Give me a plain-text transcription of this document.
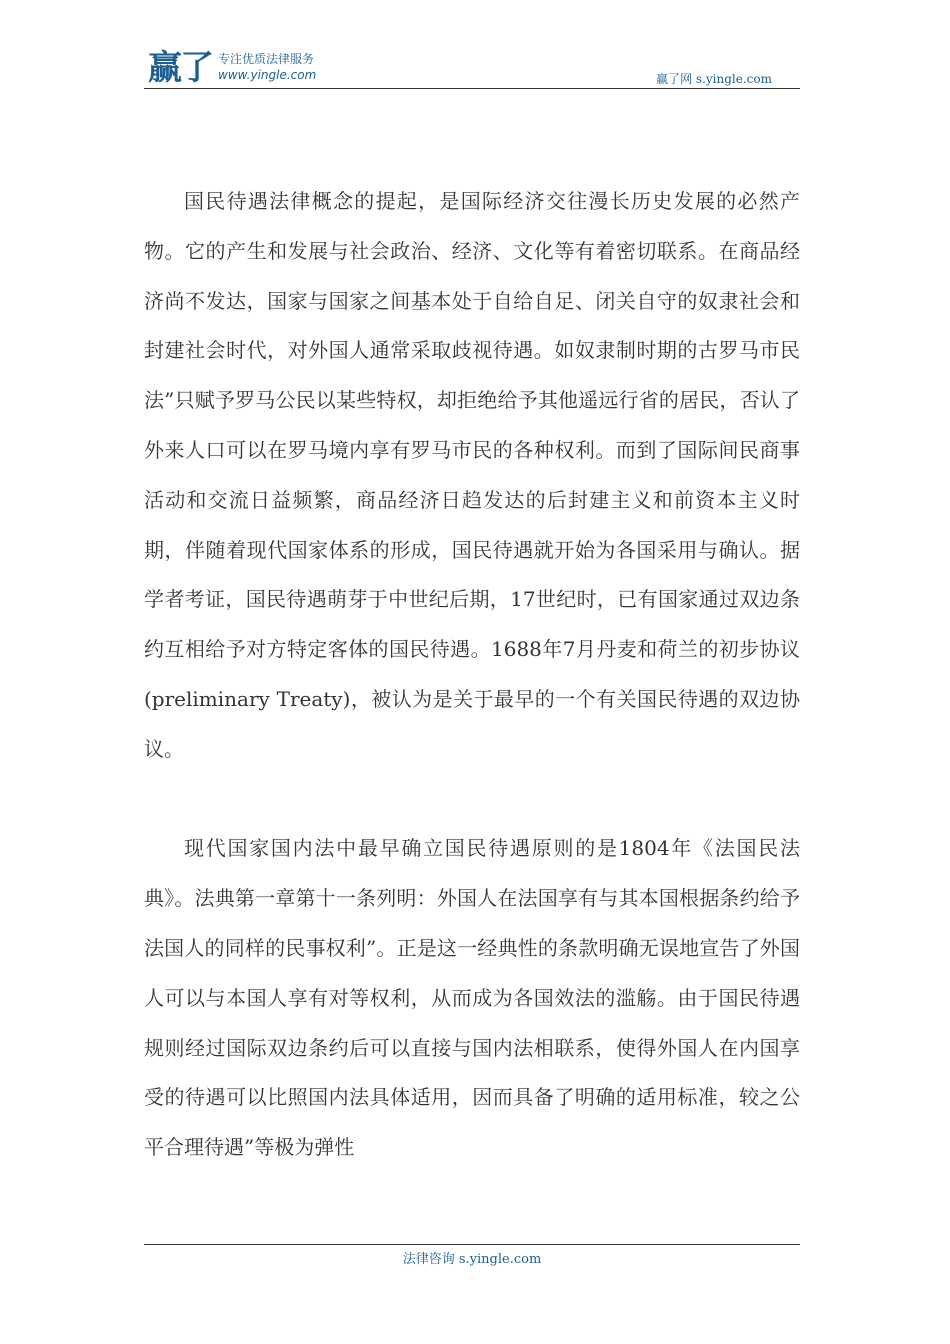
赢了 专注优质法律服务
www.yingle.com	赢了网 s.yingle.com

国民待遇法律概念的提起，是国际经济交往漫长历史发展的必然产物。它的产生和发展与社会政治、经济、文化等有着密切联系。在商品经济尚不发达，国家与国家之间基本处于自给自足、闭关自守的奴隶社会和封建社会时代，对外国人通常采取歧视待遇。如奴隶制时期的古罗马市民法”只赋予罗马公民以某些特权，却拒绝给予其他遥远行省的居民，否认了外来人口可以在罗马境内享有罗马市民的各种权利。而到了国际间民商事活动和交流日益频繁，商品经济日趋发达的后封建主义和前资本主义时期，伴随着现代国家体系的形成，国民待遇就开始为各国采用与确认。据学者考证，国民待遇萌芽于中世纪后期，17世纪时，已有国家通过双边条约互相给予对方特定客体的国民待遇。1688年7月丹麦和荷兰的初步协议(preliminary Treaty)，被认为是关于最早的一个有关国民待遇的双边协议。

现代国家国内法中最早确立国民待遇原则的是1804年《法国民法典》。法典第一章第十一条列明：外国人在法国享有与其本国根据条约给予法国人的同样的民事权利”。正是这一经典性的条款明确无误地宣告了外国人可以与本国人享有对等权利，从而成为各国效法的滥觞。由于国民待遇规则经过国际双边条约后可以直接与国内法相联系，使得外国人在内国享受的待遇可以比照国内法具体适用，因而具备了明确的适用标准，较之公平合理待遇”等极为弹性

法律咨询 s.yingle.com
